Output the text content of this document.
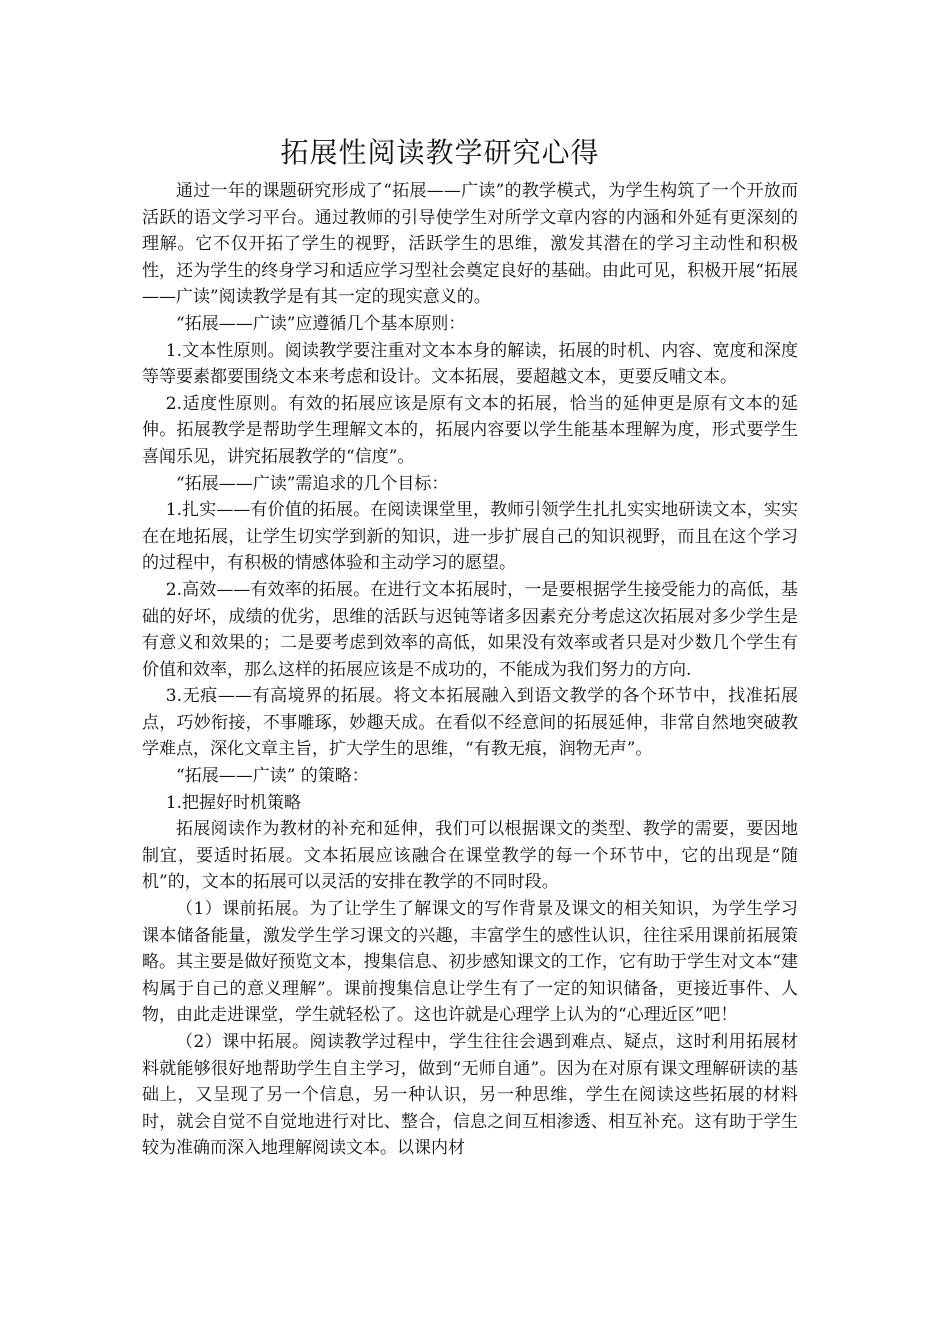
拓展性阅读教学研究心得

通过一年的课题研究形成了“拓展——广读”的教学模式，为学生构筑了一个开放而活跃的语文学习平台。通过教师的引导使学生对所学文章内容的内涵和外延有更深刻的理解。它不仅开拓了学生的视野，活跃学生的思维，激发其潜在的学习主动性和积极性，还为学生的终身学习和适应学习型社会奠定良好的基础。由此可见，积极开展“拓展——广读”阅读教学是有其一定的现实意义的。

“拓展——广读”应遵循几个基本原则：

1.文本性原则。阅读教学要注重对文本本身的解读，拓展的时机、内容、宽度和深度等等要素都要围绕文本来考虑和设计。文本拓展，要超越文本，更要反哺文本。

2.适度性原则。有效的拓展应该是原有文本的拓展，恰当的延伸更是原有文本的延伸。拓展教学是帮助学生理解文本的，拓展内容要以学生能基本理解为度，形式要学生喜闻乐见，讲究拓展教学的“信度”。

“拓展——广读”需追求的几个目标：

1.扎实——有价值的拓展。在阅读课堂里，教师引领学生扎扎实实地研读文本，实实在在地拓展，让学生切实学到新的知识，进一步扩展自己的知识视野，而且在这个学习的过程中，有积极的情感体验和主动学习的愿望。

2.高效——有效率的拓展。在进行文本拓展时，一是要根据学生接受能力的高低，基础的好坏，成绩的优劣，思维的活跃与迟钝等诸多因素充分考虑这次拓展对多少学生是有意义和效果的；二是要考虑到效率的高低，如果没有效率或者只是对少数几个学生有价值和效率，那么这样的拓展应该是不成功的，不能成为我们努力的方向.

3.无痕——有高境界的拓展。将文本拓展融入到语文教学的各个环节中，找准拓展点，巧妙衔接，不事雕琢，妙趣天成。在看似不经意间的拓展延伸，非常自然地突破教学难点，深化文章主旨，扩大学生的思维，“有教无痕，润物无声”。

“拓展——广读” 的策略：

1.把握好时机策略

拓展阅读作为教材的补充和延伸，我们可以根据课文的类型、教学的需要，要因地制宜，要适时拓展。文本拓展应该融合在课堂教学的每一个环节中，它的出现是“随机”的，文本的拓展可以灵活的安排在教学的不同时段。

（1）课前拓展。为了让学生了解课文的写作背景及课文的相关知识，为学生学习课本储备能量，激发学生学习课文的兴趣，丰富学生的感性认识，往往采用课前拓展策略。其主要是做好预览文本，搜集信息、初步感知课文的工作，它有助于学生对文本“建构属于自己的意义理解”。课前搜集信息让学生有了一定的知识储备，更接近事件、人物，由此走进课堂，学生就轻松了。这也许就是心理学上认为的“心理近区”吧！

（2）课中拓展。阅读教学过程中，学生往往会遇到难点、疑点，这时利用拓展材料就能够很好地帮助学生自主学习，做到“无师自通”。因为在对原有课文理解研读的基础上，又呈现了另一个信息，另一种认识，另一种思维，学生在阅读这些拓展的材料时，就会自觉不自觉地进行对比、整合，信息之间互相渗透、相互补充。这有助于学生较为准确而深入地理解阅读文本。以课内材
